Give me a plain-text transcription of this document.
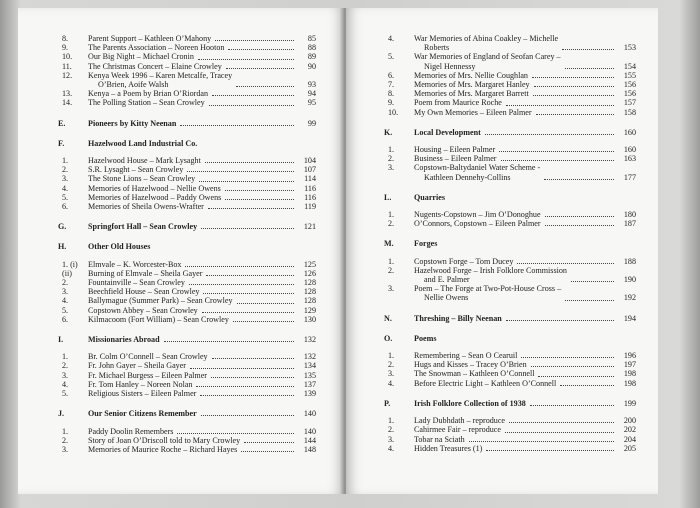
8.	Parent Support – Kathleen O’Mahony	85
9.	The Parents Association – Noreen Hooton	88
10.	Our Big Night – Michael Cronin	89
11.	The Christmas Concert – Elaine Crowley	90
12.	Kenya Week 1996 – Karen Metcalfe, Tracey
O’Brien, Aoife Walsh	93
13.	Kenya – a Poem by Brian O’Riordan	94
14.	The Polling Station – Sean Crowley	95
E.	Pioneers by Kitty Neenan	99
F.	Hazelwood Land Industrial Co.
1.	Hazelwood House – Mark Lysaght	104
2.	S.R. Lysaght – Sean Crowley	107
3.	The Stone Lions – Sean Crowley	114
4.	Memories of Hazelwood – Nellie Owens	116
5.	Memories of Hazelwood – Paddy Owens	116
6.	Memories of Sheila Owens-Wrafter	119
G.	Springfort Hall – Sean Crowley	121
H.	Other Old Houses
1. (i)	Elmvale – K. Worcester-Box	125
(ii)	Burning of Elmvale – Sheila Gayer	126
2.	Fountainville – Sean Crowley	128
3.	Beechfield House – Sean Crowley	128
4.	Ballymague (Summer Park) – Sean Crowley	128
5.	Copstown Abbey – Sean Crowley	129
6.	Kilmacoom (Fort William) – Sean Crowley	130
I.	Missionaries Abroad	132
1.	Br. Colm O’Connell – Sean Crowley	132
2.	Fr. John Gayer – Sheila Gayer	134
3.	Fr. Michael Burgess – Eileen Palmer	135
4.	Fr. Tom Hanley – Noreen Nolan	137
5.	Religious Sisters – Eileen Palmer	139
J.	Our Senior Citizens Remember	140
1.	Paddy Doolin Remembers	140
2.	Story of Joan O’Driscoll told to Mary Crowley	144
3.	Memories of Maurice Roche – Richard Hayes	148
4.	War Memories of Abina Coakley – Michelle
Roberts	153
5.	War Memories of England of Seofan Carey –
Nigel Hennessy	154
6.	Memories of Mrs. Nellie Coughlan	155
7.	Memories of Mrs. Margaret Hanley	156
8.	Memories of Mrs. Margaret Barrett	156
9.	Poem from Maurice Roche	157
10.	My Own Memories – Eileen Palmer	158
K.	Local Development	160
1.	Housing – Eileen Palmer	160
2.	Business – Eileen Palmer	163
3.	Copstown-Baltydaniel Water Scheme -
Kathleen Dennehy-Collins	177
L.	Quarries
1.	Nugents-Copstown – Jim O’Donoghue	180
2.	O’Connors, Copstown – Eileen Palmer	187
M.	Forges
1.	Copstown Forge – Tom Ducey	188
2.	Hazelwood Forge – Irish Folklore Commission
and E. Palmer	190
3.	Poem – The Forge at Two-Pot-House Cross –
Nellie Owens	192
N.	Threshing – Billy Neenan	194
O.	Poems
1.	Remembering – Sean O Cearuil	196
2.	Hugs and Kisses – Tracey O’Brien	197
3.	The Snowman – Kathleen O’Connell	198
4.	Before Electric Light – Kathleen O’Connell	198
P.	Irish Folklore Collection of 1938	199
1.	Lady Dubhdath – reproduce	200
2.	Cahirmee Fair – reproduce	202
3.	Tobar na Sciath	204
4.	Hidden Treasures (1)	205
